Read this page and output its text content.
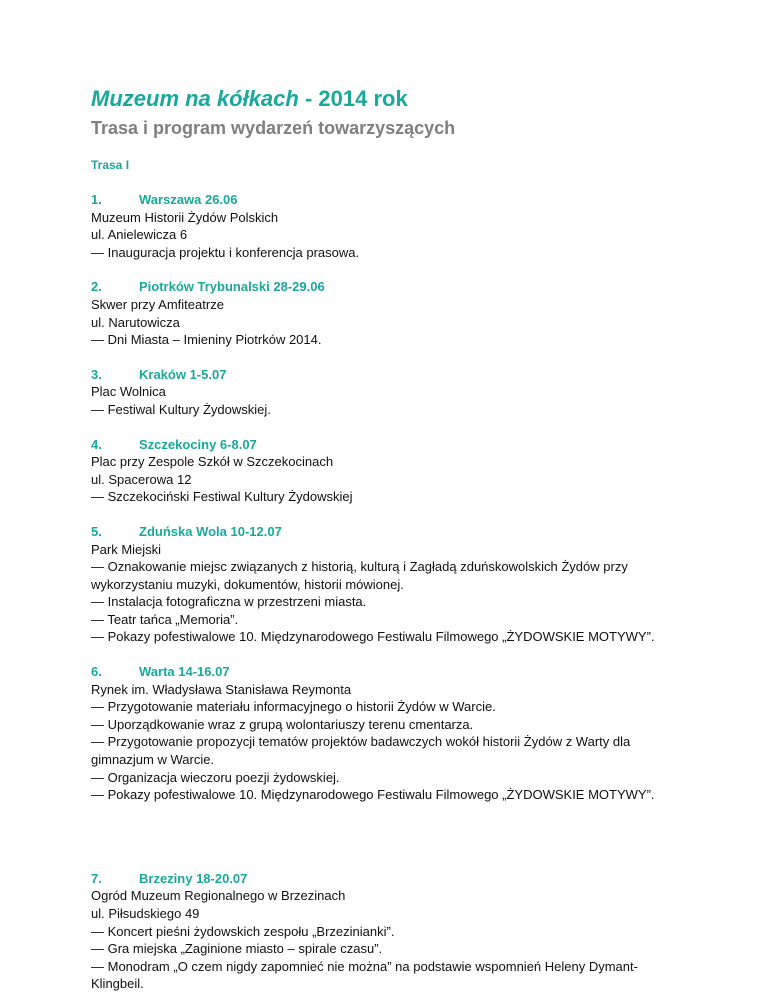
Muzeum na kółkach - 2014 rok
Trasa i program wydarzeń towarzyszących
Trasa I
1.	Warszawa 26.06
Muzeum Historii Żydów Polskich
ul. Anielewicza 6
— Inauguracja projektu i konferencja prasowa.
2.	Piotrków Trybunalski 28-29.06
Skwer przy Amfiteatrze
ul. Narutowicza
— Dni Miasta – Imieniny Piotrków 2014.
3.	Kraków 1-5.07
Plac Wolnica
— Festiwal Kultury Żydowskiej.
4.	Szczekociny 6-8.07
Plac przy Zespole Szkół w Szczekocinach
ul. Spacerowa 12
— Szczekociński Festiwal Kultury Żydowskiej
5.	Zduńska Wola 10-12.07
Park Miejski
— Oznakowanie miejsc związanych z historią, kulturą i Zagładą zduńskowolskich Żydów przy wykorzystaniu muzyki, dokumentów, historii mówionej.
— Instalacja fotograficzna w przestrzeni miasta.
— Teatr tańca „Memoria”.
— Pokazy pofestiwalowe 10. Międzynarodowego Festiwalu Filmowego „ŻYDOWSKIE MOTYWY”.
6.	Warta 14-16.07
Rynek im. Władysława Stanisława Reymonta
— Przygotowanie materiału informacyjnego o historii Żydów w Warcie.
— Uporządkowanie wraz z grupą wolontariuszy terenu cmentarza.
— Przygotowanie propozycji tematów projektów badawczych wokół historii Żydów z Warty dla gimnazjum w Warcie.
— Organizacja wieczoru poezji żydowskiej.
— Pokazy pofestiwalowe 10. Międzynarodowego Festiwalu Filmowego „ŻYDOWSKIE MOTYWY”.
7.	Brzeziny 18-20.07
Ogród Muzeum Regionalnego w Brzezinach
ul. Piłsudskiego 49
— Koncert pieśni żydowskich zespołu „Brzezinianki”.
— Gra miejska „Zaginione miasto – spirale czasu”.
— Monodram „O czem nigdy zapomnieć nie można” na podstawie wspomnień Heleny Dymant-Klingbeil.
